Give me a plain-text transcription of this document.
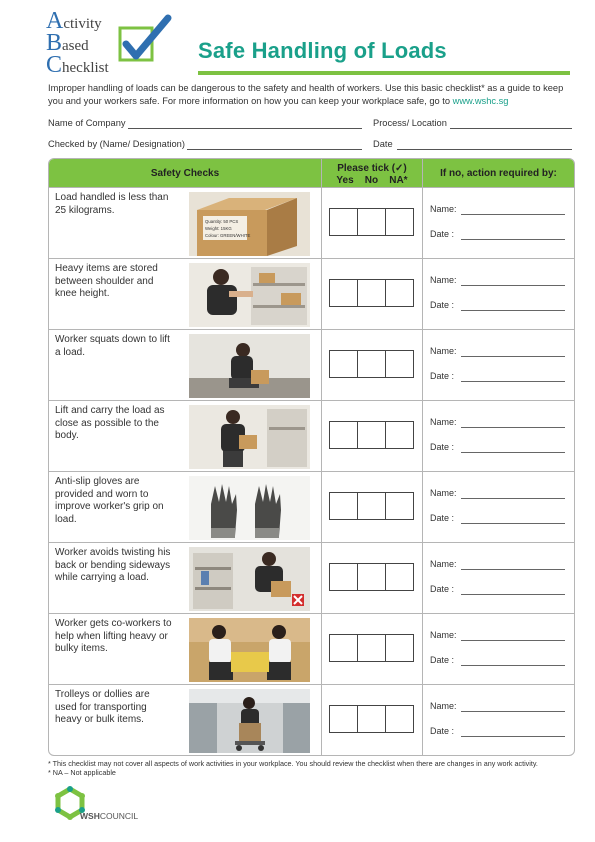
Activity
Based
Checklist
Safe Handling of Loads
Improper handling of loads can be dangerous to the safety and health of workers. Use this basic checklist* as a guide to keep you and your workers safe. For more information on how you can keep your workplace safe, go to www.wshc.sg
Name of Company	Process/ Location
Checked by (Name/ Designation)	Date
Safety Checks	Please tick (✓)
Yes    No    NA*
If no, action required by:
Load handled is less than 25 kilograms.
Quantity: 50 PCS
Weight: 15KG
Colour: GREEN/WHITE
Name:
Date :
Heavy items are stored between shoulder and knee height.
Name:
Date :
Worker squats down to lift a load.	Name:
Date :
Lift and carry the load as close as possible to the body.
Name:
Date :
Anti-slip gloves are provided and worn to improve worker's grip on load.
Name:
Date :
Worker avoids twisting his back or bending sideways while carrying a load.
Name:
Date :
Worker gets co-workers to help when lifting heavy or bulky items.
Name:
Date :
Trolleys or dollies are used for transporting heavy or bulk items.
Name:
Date :
* This checklist may not cover all aspects of work activities in your workplace. You should review the checklist when there are changes in any work activity.
* NA – Not applicable
WSHCOUNCIL
